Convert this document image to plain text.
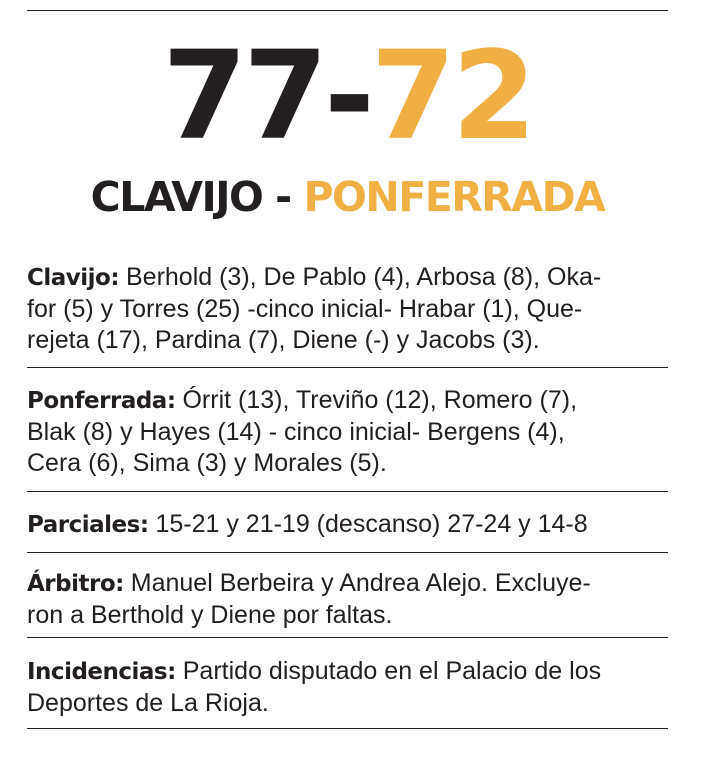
77-72
CLAVIJO - PONFERRADA
Clavijo: Berhold (3), De Pablo (4), Arbosa (8), Oka-
for (5) y Torres (25) -cinco inicial- Hrabar (1), Que-
rejeta (17), Pardina (7), Diene (-) y Jacobs (3).
Ponferrada: Órrit (13), Treviño (12), Romero (7),
Blak (8) y Hayes (14) - cinco inicial- Bergens (4),
Cera (6), Sima (3) y Morales (5).
Parciales: 15-21 y 21-19 (descanso) 27-24 y 14-8
Árbitro: Manuel Berbeira y Andrea Alejo. Excluye-
ron a Berthold y Diene por faltas.
Incidencias: Partido disputado en el Palacio de los
Deportes de La Rioja.
